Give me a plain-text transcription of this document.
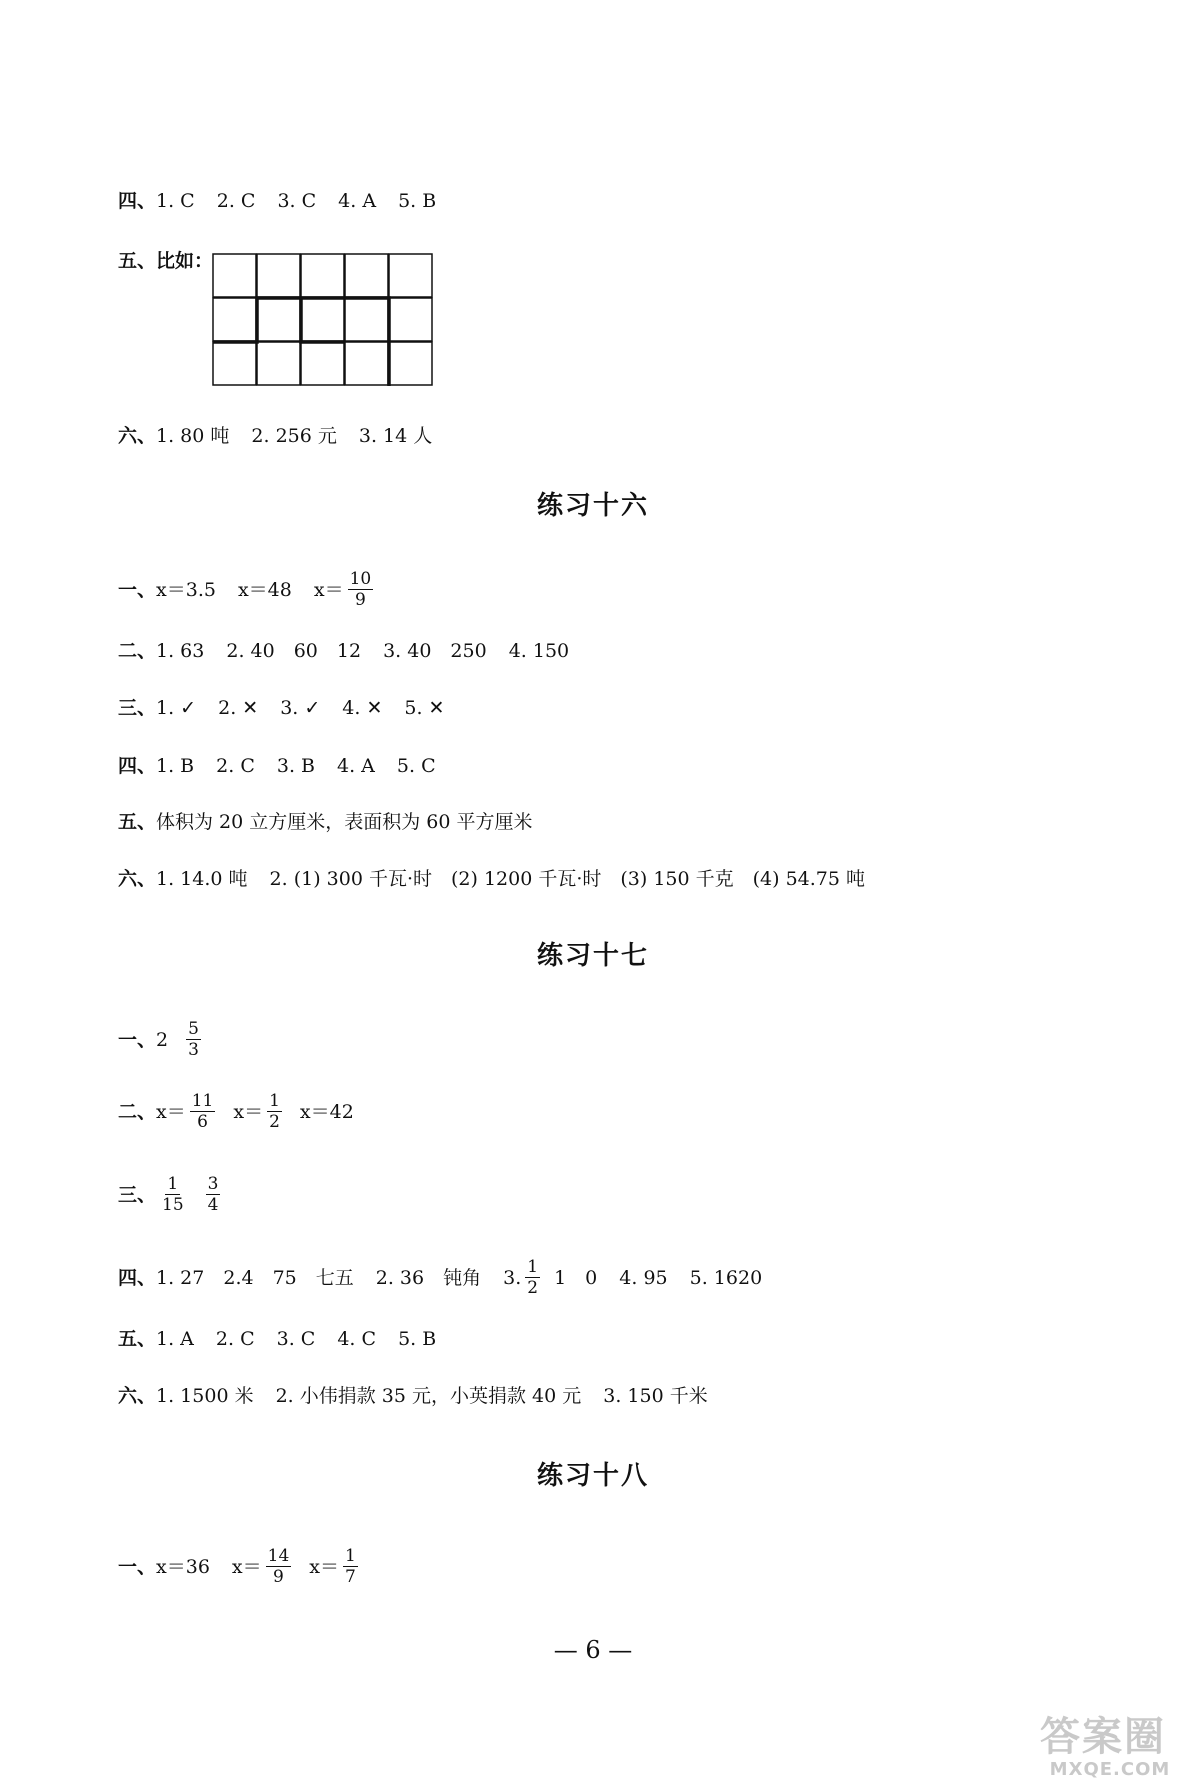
四、 1. C 2. C 3. C 4. A 5. B
五、比如：
六、 1. 80 吨 2. 256 元 3. 14 人
练习十六
一、 x＝3.5 x＝48 $x= \frac{10}{9}$
二、 1. 63 2. 40　60　12 3. 40　250 4. 150
三、 1. ✓ 2. ✕ 3. ✓ 4. ✕ 5. ✕
四、 1. B 2. C 3. B 4. A 5. C
五、 体积为 20 立方厘米，表面积为 60 平方厘米
六、 1. 14.0 吨 2. (1) 300 千瓦·时　(2) 1200 千瓦·时　(3) 150 千克　(4) 54.75 吨
练习十七
一、 $2 \frac{5}{3}$
二、 $x= \frac{11}{6} x= \frac{1}{2} x=42$
三、 $\frac{1}{15} \frac{3}{4}$
四、 1. 27　2.4　75　七五 2. 36　钝角 3. $\frac{1}{2} 1$　0 4. 95 5. 1620
五、 1. A 2. C 3. C 4. C 5. B
六、 1. 1500 米 2. 小伟捐款 35 元，小英捐款 40 元 3. 150 千米
练习十八
一、 x＝36 $x= \frac{14}{9} x= \frac{1}{7}$
— 6 —
答案圈
MXQE.COM
